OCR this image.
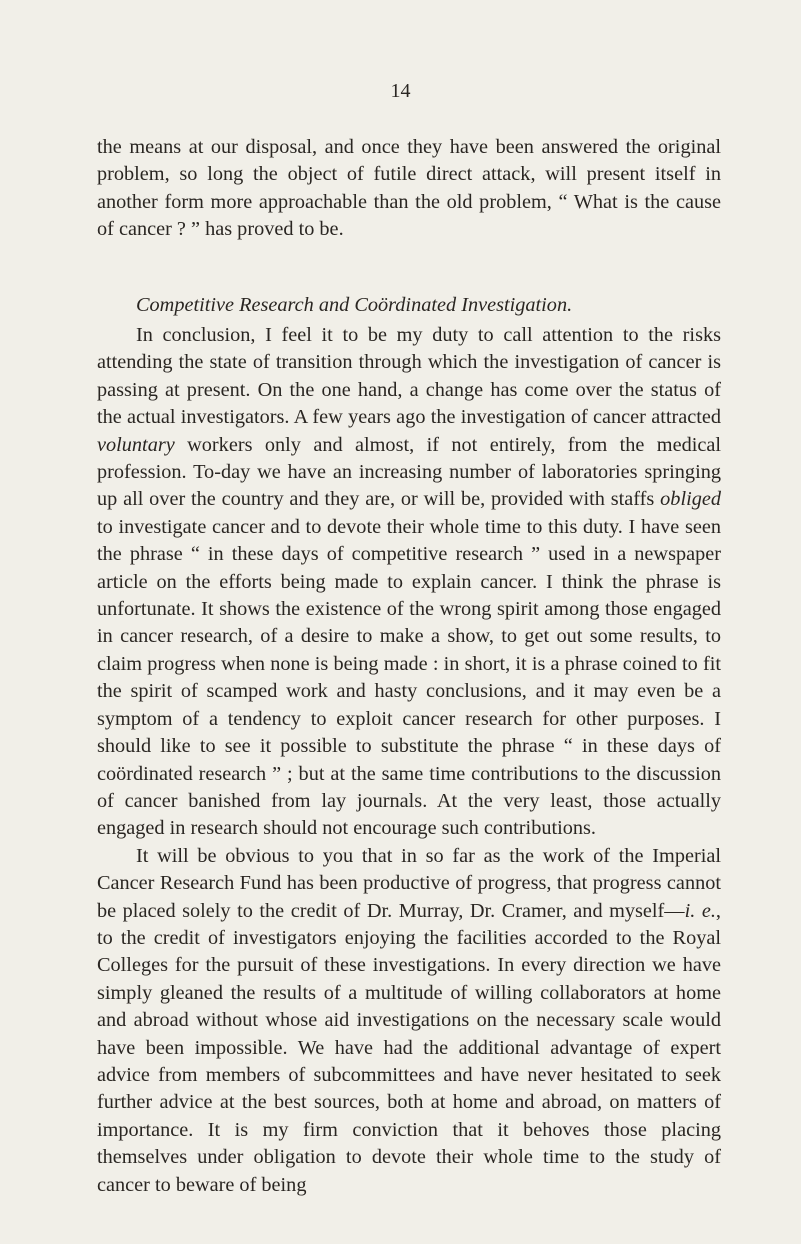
14

the means at our disposal, and once they have been answered the original problem, so long the object of futile direct attack, will present itself in another form more approachable than the old problem, “ What is the cause of cancer ? ” has proved to be.

Competitive Research and Coördinated Investigation.

In conclusion, I feel it to be my duty to call attention to the risks attending the state of transition through which the investigation of cancer is passing at present. On the one hand, a change has come over the status of the actual investigators. A few years ago the investigation of cancer attracted voluntary workers only and almost, if not entirely, from the medical profession. To-day we have an increasing number of laboratories springing up all over the country and they are, or will be, provided with staffs obliged to investigate cancer and to devote their whole time to this duty. I have seen the phrase “ in these days of competitive research ” used in a newspaper article on the efforts being made to explain cancer. I think the phrase is unfortunate. It shows the existence of the wrong spirit among those engaged in cancer research, of a desire to make a show, to get out some results, to claim progress when none is being made : in short, it is a phrase coined to fit the spirit of scamped work and hasty conclusions, and it may even be a symptom of a tendency to exploit cancer research for other purposes. I should like to see it possible to substitute the phrase “ in these days of coördinated research ” ; but at the same time contributions to the discussion of cancer banished from lay journals. At the very least, those actually engaged in research should not encourage such contributions.

It will be obvious to you that in so far as the work of the Imperial Cancer Research Fund has been productive of progress, that progress cannot be placed solely to the credit of Dr. Murray, Dr. Cramer, and myself—i. e., to the credit of investigators enjoying the facilities accorded to the Royal Colleges for the pursuit of these investigations. In every direction we have simply gleaned the results of a multitude of willing collaborators at home and abroad without whose aid investigations on the necessary scale would have been impossible. We have had the additional advantage of expert advice from members of subcommittees and have never hesitated to seek further advice at the best sources, both at home and abroad, on matters of importance. It is my firm conviction that it behoves those placing themselves under obligation to devote their whole time to the study of cancer to beware of being
